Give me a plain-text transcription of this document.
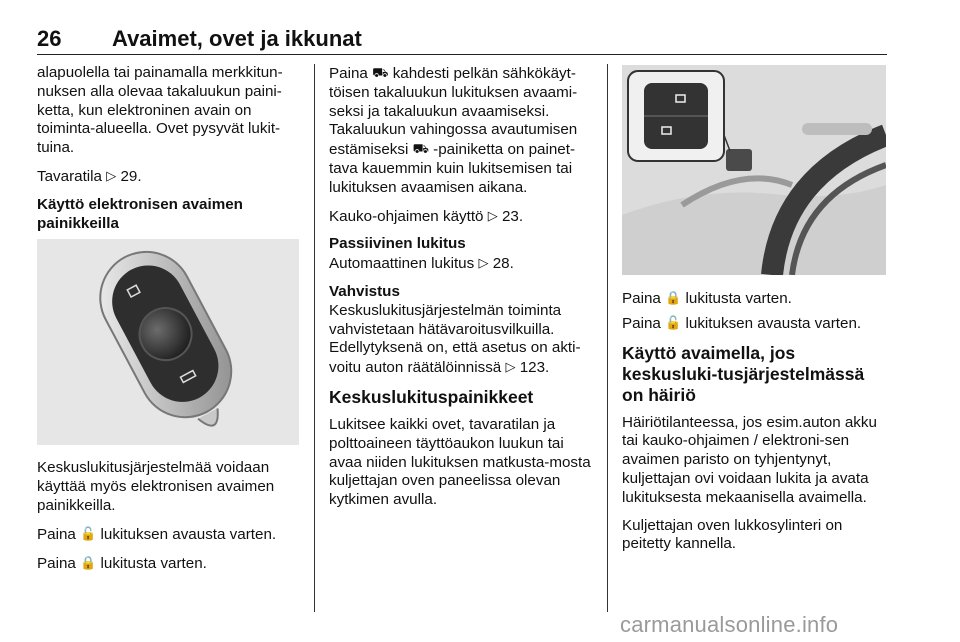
26 Avaimet, ovet ja ikkunat

alapuolella tai painamalla merkkitun-nuksen alla olevaa takaluukun paini-ketta, kun elektroninen avain on toiminta-alueella. Ovet pysyvät lukit-tuina.

Tavaratila ▷ 29.

Käyttö elektronisen avaimen painikkeilla

Keskuslukitusjärjestelmää voidaan käyttää myös elektronisen avaimen painikkeilla.

Paina 🔓 lukituksen avausta varten.

Paina 🔒 lukitusta varten.

Paina ⛟ kahdesti pelkän sähkökäyt-töisen takaluukun lukituksen avaami-seksi ja takaluukun avaamiseksi.

Takaluukun vahingossa avautumisen estämiseksi ⛟ -painiketta on painet-tava kauemmin kuin lukitsemisen tai lukituksen avaamisen aikana.

Kauko-ohjaimen käyttö ▷ 23.

Passiivinen lukitus

Automaattinen lukitus ▷ 28.

Vahvistus

Keskuslukitusjärjestelmän toiminta vahvistetaan hätävaroitusvilkuilla. Edellytyksenä on, että asetus on akti-voitu auton räätälöinnissä ▷ 123.

Keskuslukituspainikkeet

Lukitsee kaikki ovet, tavaratilan ja polttoaineen täyttöaukon luukun tai avaa niiden lukituksen matkusta-mosta kuljettajan oven paneelissa olevan kytkimen avulla.

Paina 🔒 lukitusta varten.

Paina 🔓 lukituksen avausta varten.

Käyttö avaimella, jos keskusluki-tusjärjestelmässä on häiriö

Häiriötilanteessa, jos esim.auton akku tai kauko-ohjaimen / elektroni-sen avaimen paristo on tyhjentynyt, kuljettajan ovi voidaan lukita ja avata lukituksesta mekaanisella avaimella.

Kuljettajan oven lukkosylinteri on peitetty kannella.

carmanualsonline.info
